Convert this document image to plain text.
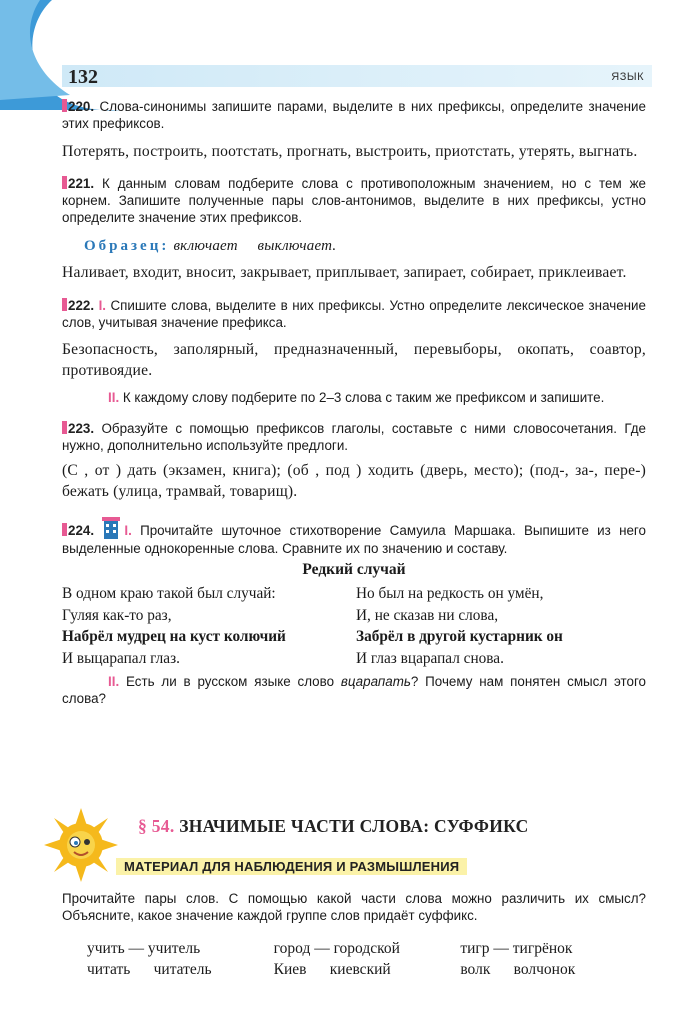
132	ЯЗЫК

220. Слова-синонимы запишите парами, выделите в них префиксы, определите значение этих префиксов.

Потерять, построить, поотстать, прогнать, выстроить, приотстать, утерять, выгнать.

221. К данным словам подберите слова с противоположным значением, но с тем же корнем. Запишите полученные пары слов-антонимов, выделите в них префиксы, устно определите значение этих префиксов.

Образец: включает     выключает.

Наливает, входит, вносит, закрывает, приплывает, запирает, собирает, приклеивает.

222. I. Спишите слова, выделите в них префиксы. Устно определите лексическое значение слов, учитывая значение префикса.

Безопасность, заполярный, предназначенный, перевыборы, окопать, соавтор, противоядие.

II. К каждому слову подберите по 2–3 слова с таким же префиксом и запишите.

223. Образуйте с помощью префиксов глаголы, составьте с ними словосочетания. Где нужно, дополнительно используйте предлоги.

(С , от ) дать (экзамен, книга); (об , под ) ходить (дверь, место); (под-, за-, пере-) бежать (улица, трамвай, товарищ).

224. I. Прочитайте шуточное стихотворение Самуила Маршака. Выпишите из него выделенные однокоренные слова. Сравните их по значению и составу.

Редкий случай

В одном краю такой был случай:
Гуляя как-то раз,
Набрёл мудрец на куст колючий
И выцарапал глаз.
Но был на редкость он умён,
И, не сказав ни слова,
Забрёл в другой кустарник он
И глаз вцарапал снова.

II. Есть ли в русском языке слово вцарапать? Почему нам понятен смысл этого слова?

§ 54. ЗНАЧИМЫЕ ЧАСТИ СЛОВА: СУФФИКС
МАТЕРИАЛ ДЛЯ НАБЛЮДЕНИЯ И РАЗМЫШЛЕНИЯ

Прочитайте пары слов. С помощью какой части слова можно различить их смысл? Объясните, какое значение каждой группе слов придаёт суффикс.

учить — учитель	город — городской	тигр — тигрёнок
читать      читатель	Киев      киевский	волк      волчонок
